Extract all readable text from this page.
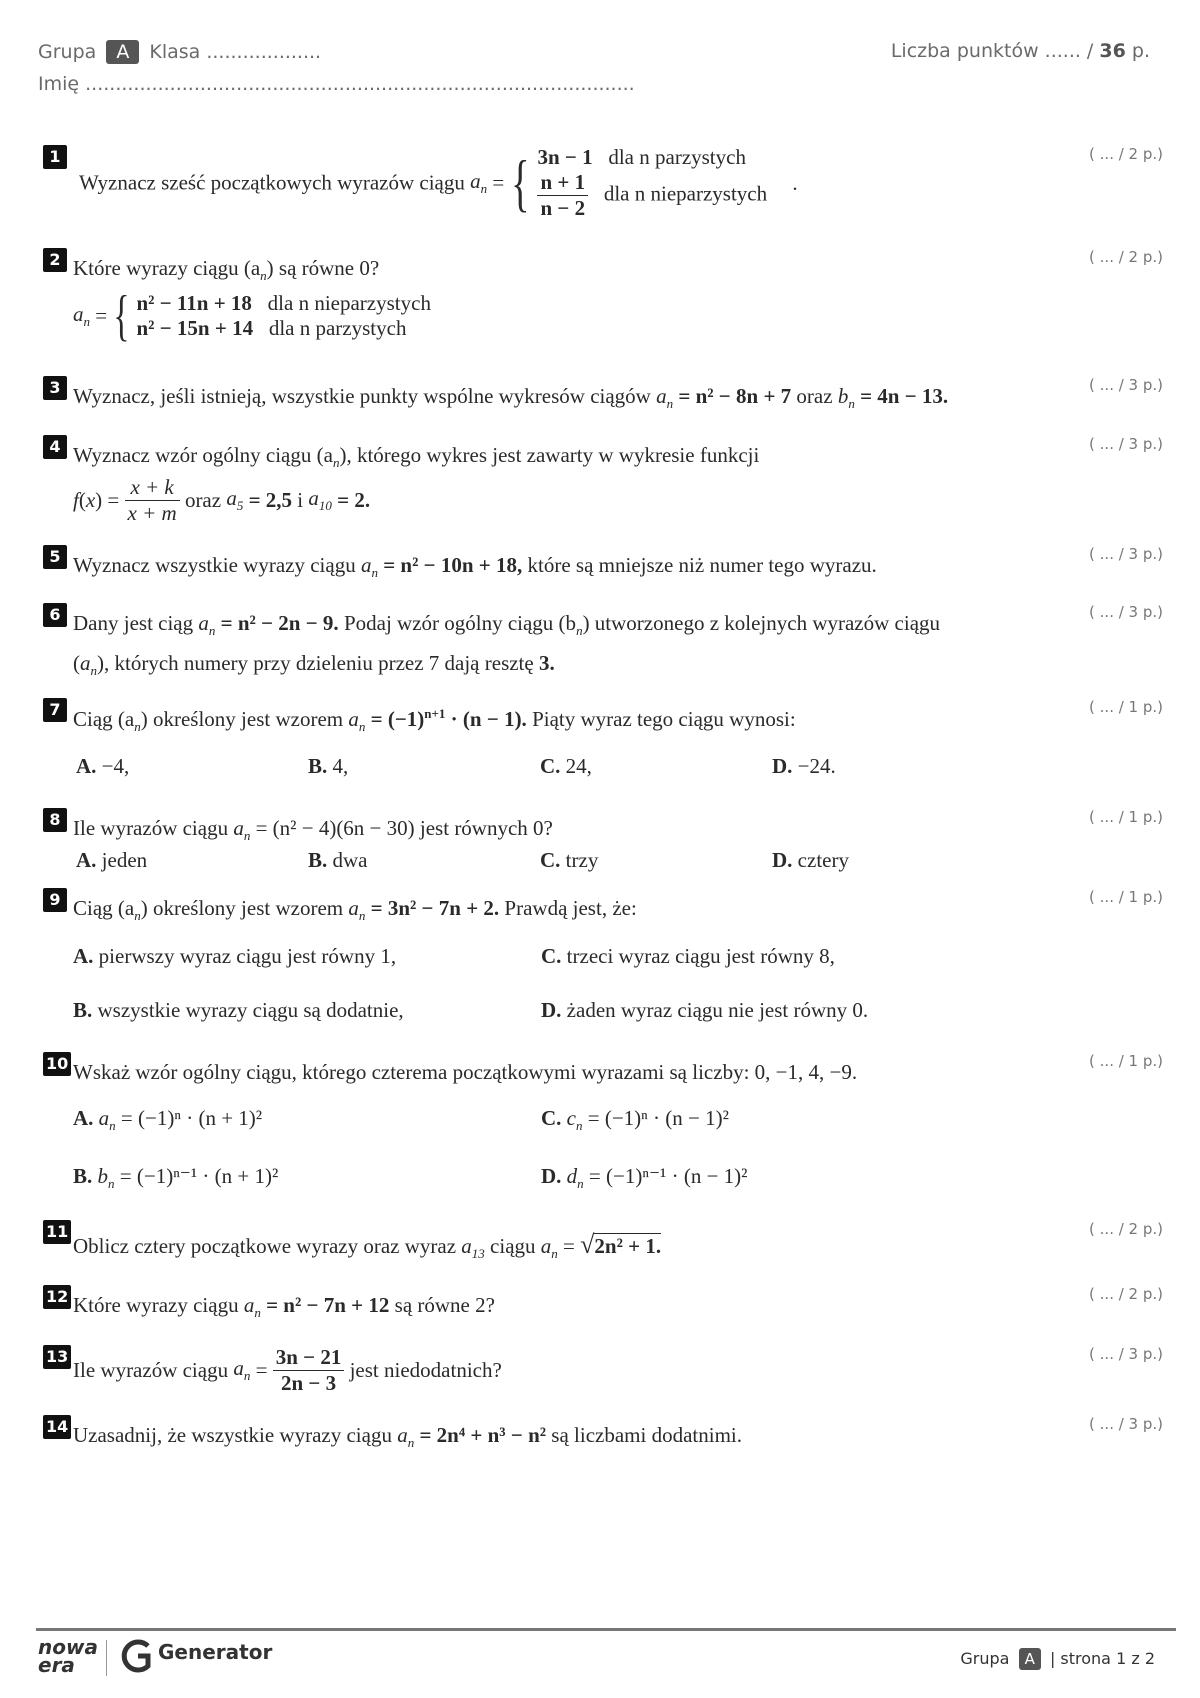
Grupa A Klasa ...................
Imię ...........................................................................................
Liczba punktów ...... / 36 p.
1	( ... / 2 p.)
Wyznacz sześć początkowych wyrazów ciągu $a_n$ = { 3n − 1 dla n parzystych
$\frac{n + 1}{n - 2}$ dla n nieparzystych .
2	( ... / 2 p.)
Które wyrazy ciągu $(a_n)$ są równe 0?
$a_n$ = { n² − 11n + 18 dla n nieparzystych
n² − 15n + 14 dla n parzystych
3	( ... / 3 p.)
Wyznacz, jeśli istnieją, wszystkie punkty wspólne wykresów ciągów $a_n = n^2 - 8n + 7$ oraz $b_n = 4n - 13$.
4	( ... / 3 p.)
Wyznacz wzór ogólny ciągu $(a_n)$, którego wykres jest zawarty w wykresie funkcji
$f(x) = \frac{x + k}{x + m}$ oraz $a_5 = 2,5$ i $a_{10} = 2$.
5	( ... / 3 p.)
Wyznacz wszystkie wyrazy ciągu $a_n = n^2 - 10n + 18$, które są mniejsze niż numer tego wyrazu.
6	( ... / 3 p.)
Dany jest ciąg $a_n = n^2 - 2n - 9$. Podaj wzór ogólny ciągu $(b_n)$ utworzonego z kolejnych wyrazów ciągu
$(a_n)$, których numery przy dzieleniu przez 7 dają resztę 3.
7	( ... / 1 p.)
Ciąg $(a_n)$ określony jest wzorem $a_n = (-1)^{n+1} \cdot (n - 1)$. Piąty wyraz tego ciągu wynosi:
A. −4,	B. 4,	C. 24,	D. −24.
8	( ... / 1 p.)
Ile wyrazów ciągu $a_n = (n^2 - 4)(6n - 30)$ jest równych 0?
A. jeden	B. dwa	C. trzy	D. cztery
9	( ... / 1 p.)
Ciąg $(a_n)$ określony jest wzorem $a_n = 3n^2 - 7n + 2$. Prawdą jest, że:
A. pierwszy wyraz ciągu jest równy 1,
B. wszystkie wyrazy ciągu są dodatnie,
C. trzeci wyraz ciągu jest równy 8,
D. żaden wyraz ciągu nie jest równy 0.
10	( ... / 1 p.)
Wskaż wzór ogólny ciągu, którego czterema początkowymi wyrazami są liczby: 0, −1, 4, −9.
A. $a_n = (-1)^n \cdot (n + 1)^2$
B. $b_n = (-1)^{n-1} \cdot (n + 1)^2$
C. $c_n = (-1)^n \cdot (n - 1)^2$
D. $d_n = (-1)^{n-1} \cdot (n - 1)^2$
11	( ... / 2 p.)
Oblicz cztery początkowe wyrazy oraz wyraz $a_{13}$ ciągu $a_n = √2n^2 + 1$.
12	( ... / 2 p.)
Które wyrazy ciągu $a_n = n^2 - 7n + 12$ są równe 2?
13	( ... / 3 p.)
Ile wyrazów ciągu $a_n = \frac{3n - 21}{2n - 3}$ jest niedodatnich?
14	( ... / 3 p.)
Uzasadnij, że wszystkie wyrazy ciągu $a_n = 2n^4 + n^3 - n^2$ są liczbami dodatnimi.
nowa
era
Generator	Grupa A | strona 1 z 2
